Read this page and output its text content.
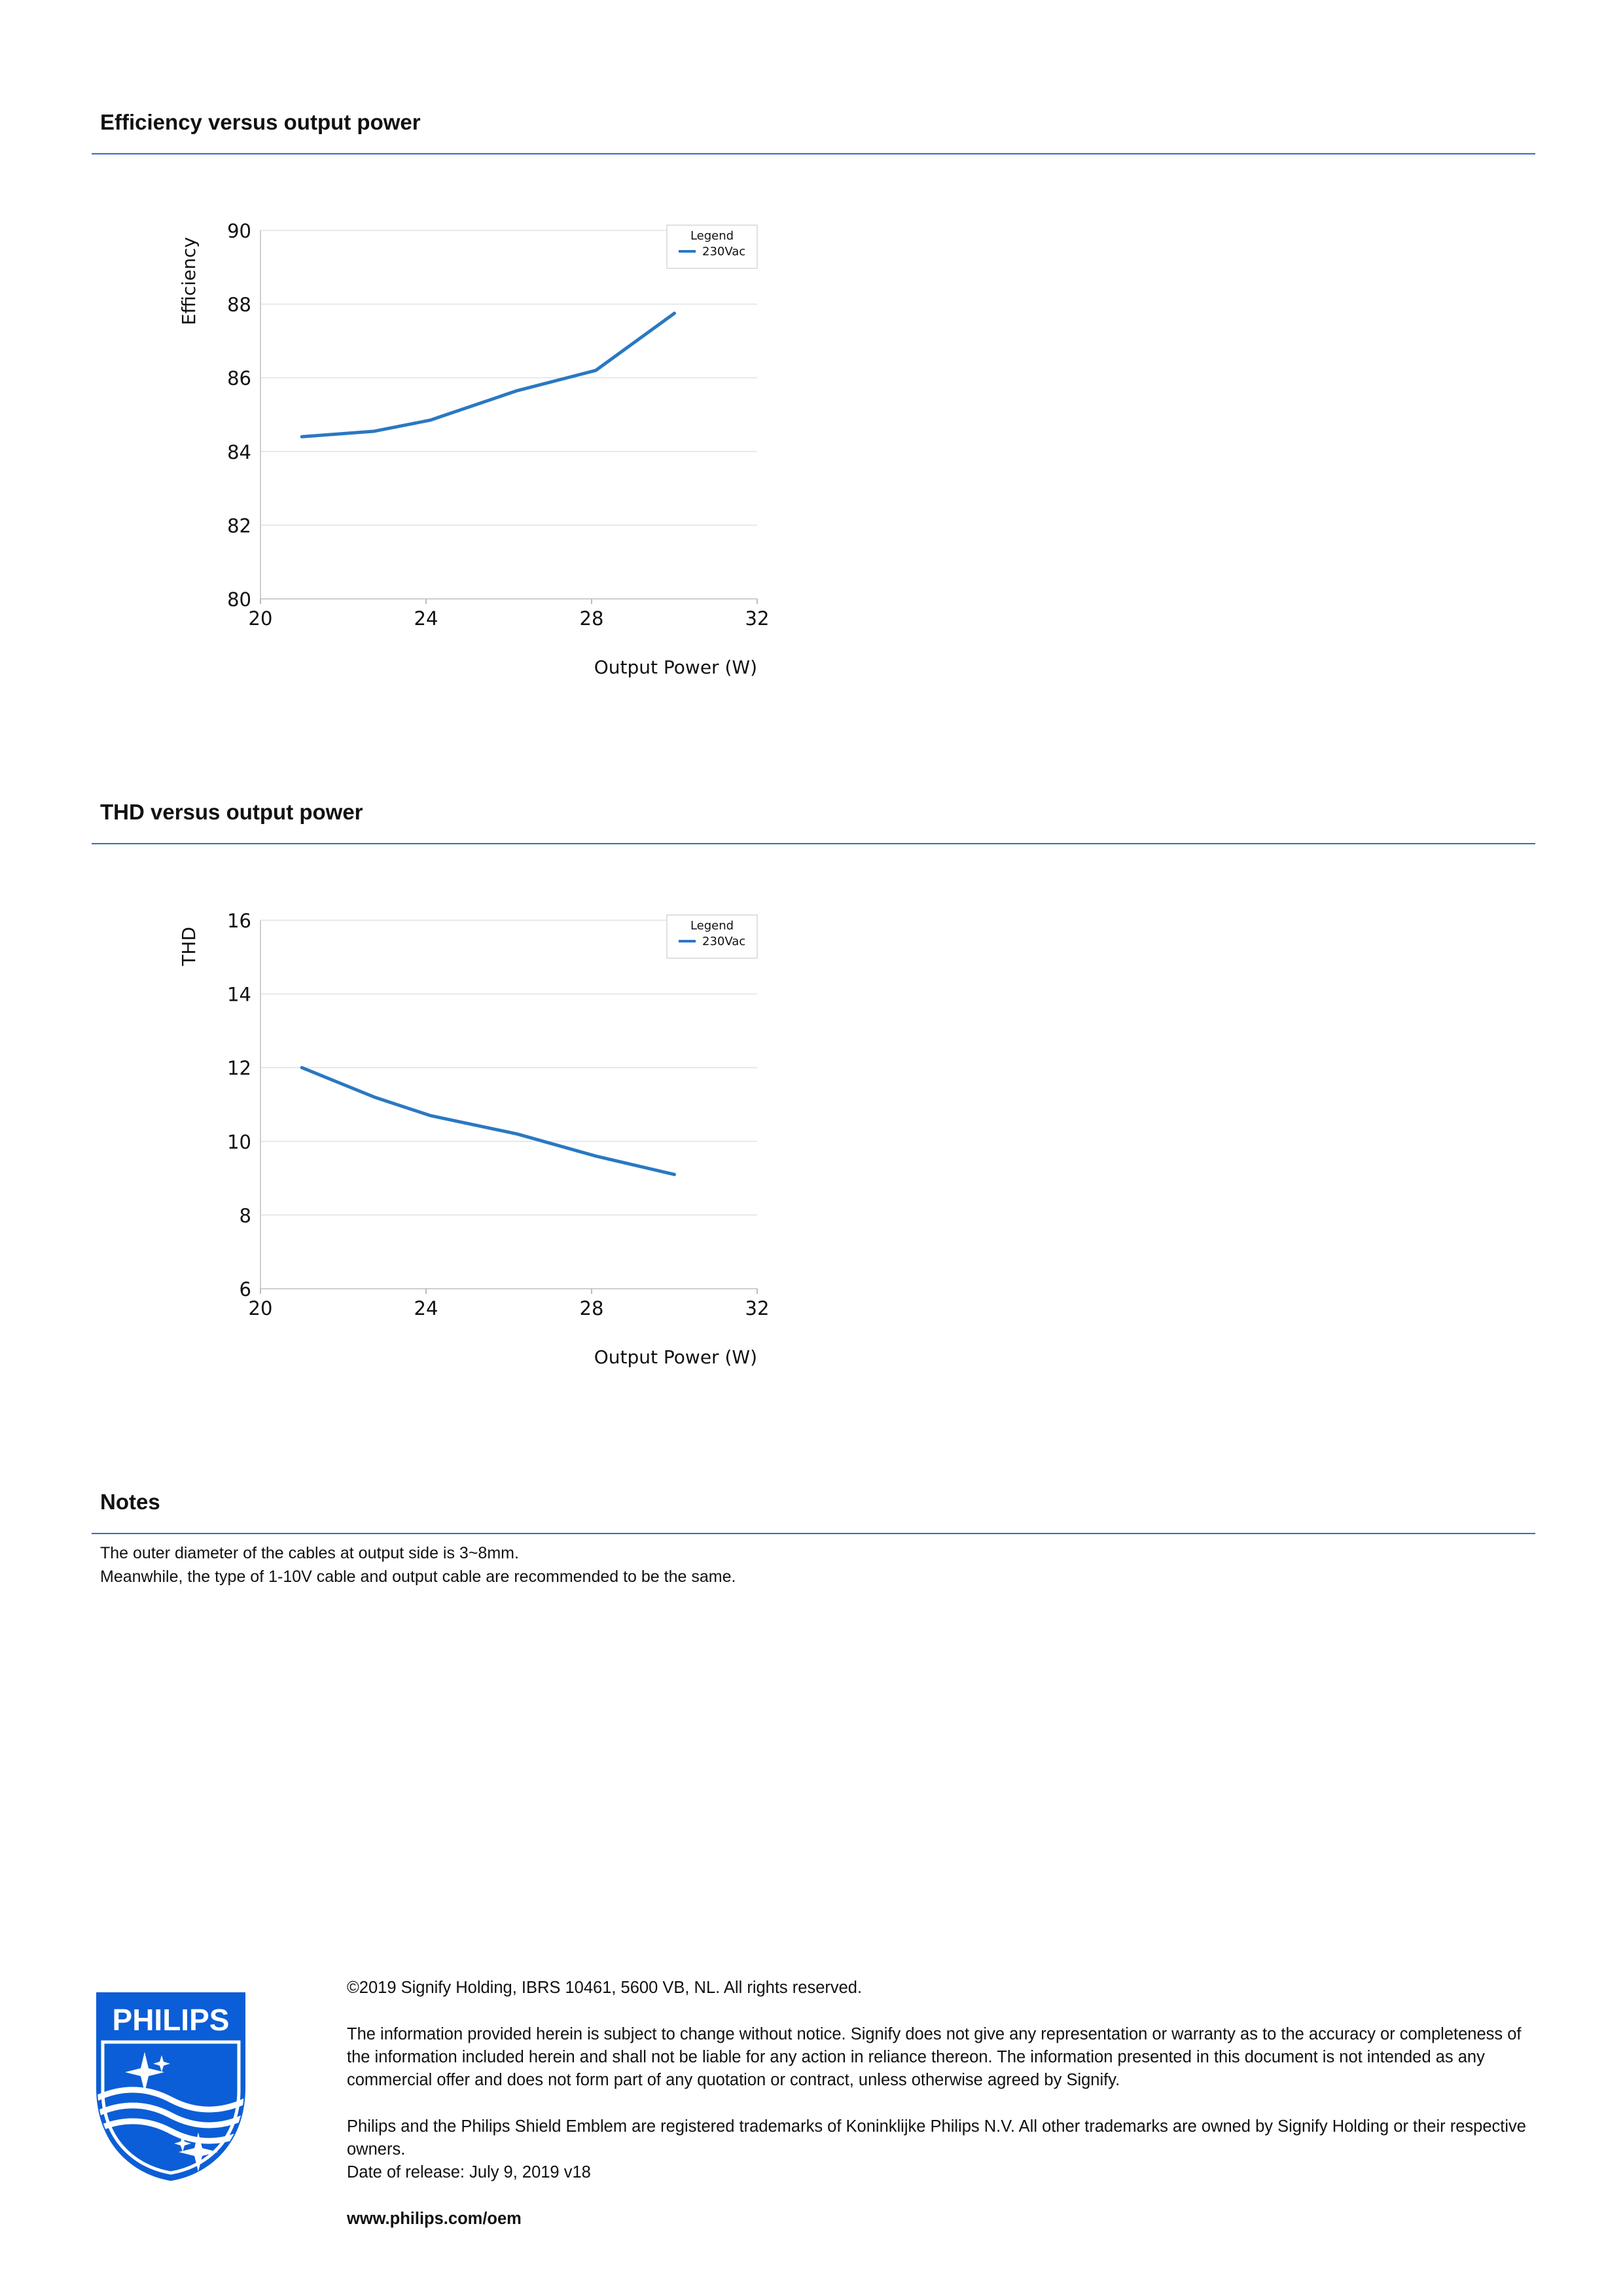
Efficiency versus output power
80
82
84
86
88
90
20	24	28	32
Output Power (W)
Efficiency
Legend
230Vac
THD versus output power
6
8
10
12
14
16
20	24	28	32
Output Power (W)
THD
Legend
230Vac
Notes

The outer diameter of the cables at output side is 3~8mm.

Meanwhile, the type of 1-10V cable and output cable are recommended to be the same.

PHILIPS

©2019 Signify Holding, IBRS 10461, 5600 VB, NL. All rights reserved.

The information provided herein is subject to change without notice. Signify does not give any representation or warranty as to the accuracy or completeness of the information included herein and shall not be liable for any action in reliance thereon. The information presented in this document is not intended as any commercial offer and does not form part of any quotation or contract, unless otherwise agreed by Signify.

Philips and the Philips Shield Emblem are registered trademarks of Koninklijke Philips N.V. All other trademarks are owned by Signify Holding or their respective owners.

Date of release: July 9, 2019 v18

www.philips.com/oem
